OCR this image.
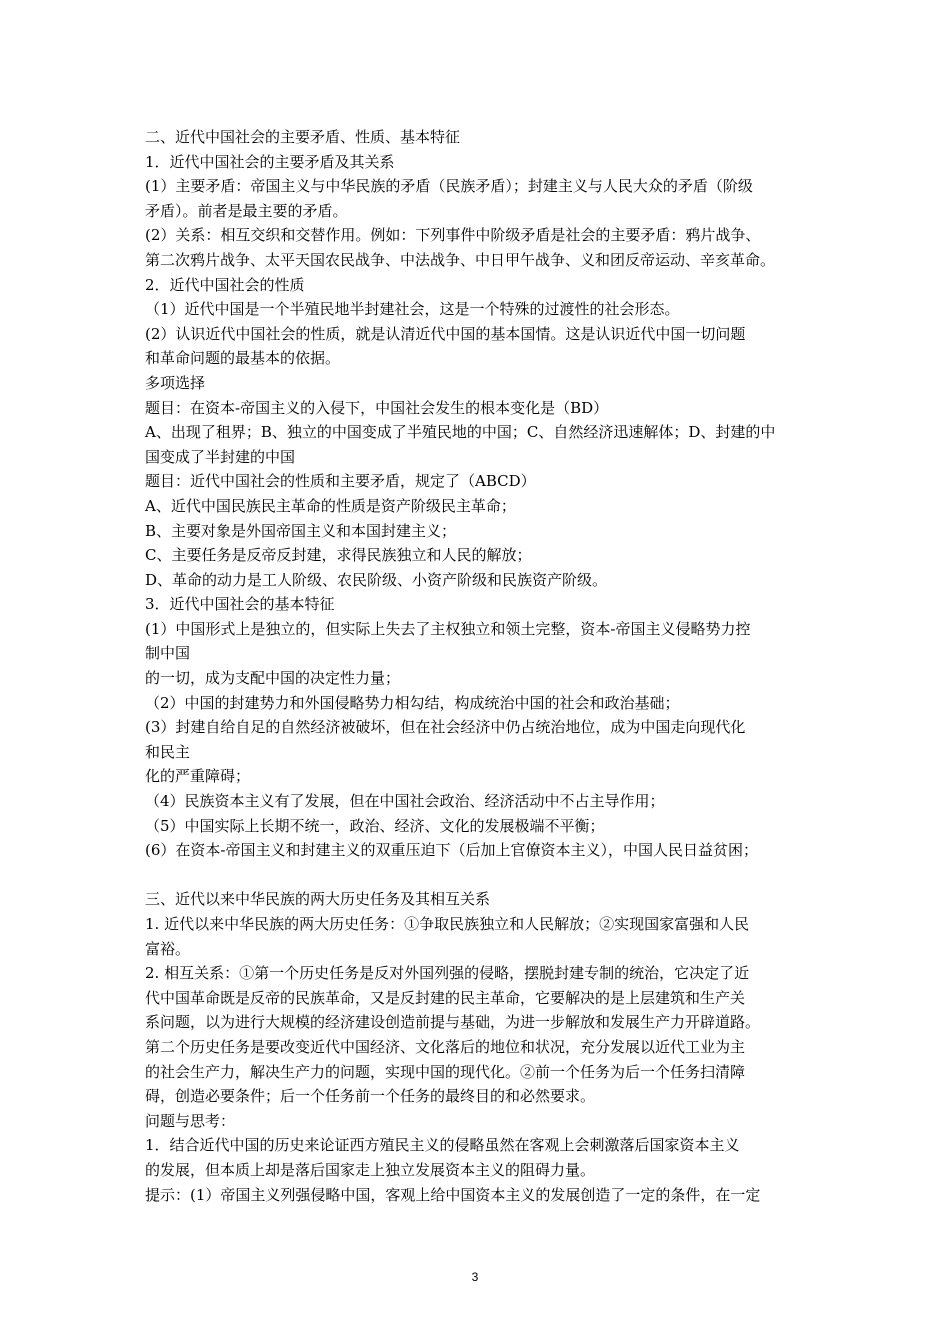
二、近代中国社会的主要矛盾、性质、基本特征
1．近代中国社会的主要矛盾及其关系
(1）主要矛盾：帝国主义与中华民族的矛盾（民族矛盾）；封建主义与人民大众的矛盾（阶级
矛盾）。前者是最主要的矛盾。
(2）关系：相互交织和交替作用。例如：下列事件中阶级矛盾是社会的主要矛盾：鸦片战争、
第二次鸦片战争、太平天国农民战争、中法战争、中日甲午战争、义和团反帝运动、辛亥革命。
2．近代中国社会的性质
（1）近代中国是一个半殖民地半封建社会，这是一个特殊的过渡性的社会形态。
(2）认识近代中国社会的性质，就是认清近代中国的基本国情。这是认识近代中国一切问题
和革命问题的最基本的依据。
多项选择
题目：在资本-帝国主义的入侵下，中国社会发生的根本变化是（BD）
A、出现了租界；B、独立的中国变成了半殖民地的中国；C、自然经济迅速解体；D、封建的中
国变成了半封建的中国
题目：近代中国社会的性质和主要矛盾，规定了（ABCD）
A、近代中国民族民主革命的性质是资产阶级民主革命；
B、主要对象是外国帝国主义和本国封建主义；
C、主要任务是反帝反封建，求得民族独立和人民的解放；
D、革命的动力是工人阶级、农民阶级、小资产阶级和民族资产阶级。
3．近代中国社会的基本特征
(1）中国形式上是独立的，但实际上失去了主权独立和领土完整，资本-帝国主义侵略势力控
制中国
的一切，成为支配中国的决定性力量；
（2）中国的封建势力和外国侵略势力相勾结，构成统治中国的社会和政治基础；
(3）封建自给自足的自然经济被破坏，但在社会经济中仍占统治地位，成为中国走向现代化
和民主
化的严重障碍；
（4）民族资本主义有了发展，但在中国社会政治、经济活动中不占主导作用；
（5）中国实际上长期不统一，政治、经济、文化的发展极端不平衡；
(6）在资本-帝国主义和封建主义的双重压迫下（后加上官僚资本主义），中国人民日益贫困；
三、近代以来中华民族的两大历史任务及其相互关系
1. 近代以来中华民族的两大历史任务：①争取民族独立和人民解放；②实现国家富强和人民
富裕。
2. 相互关系：①第一个历史任务是反对外国列强的侵略，摆脱封建专制的统治，它决定了近
代中国革命既是反帝的民族革命，又是反封建的民主革命，它要解决的是上层建筑和生产关
系问题，以为进行大规模的经济建设创造前提与基础，为进一步解放和发展生产力开辟道路。
第二个历史任务是要改变近代中国经济、文化落后的地位和状况，充分发展以近代工业为主
的社会生产力，解决生产力的问题，实现中国的现代化。②前一个任务为后一个任务扫清障
碍，创造必要条件；后一个任务前一个任务的最终目的和必然要求。
问题与思考：
1．结合近代中国的历史来论证西方殖民主义的侵略虽然在客观上会刺激落后国家资本主义
的发展，但本质上却是落后国家走上独立发展资本主义的阻碍力量。
提示：(1）帝国主义列强侵略中国，客观上给中国资本主义的发展创造了一定的条件，在一定
3
